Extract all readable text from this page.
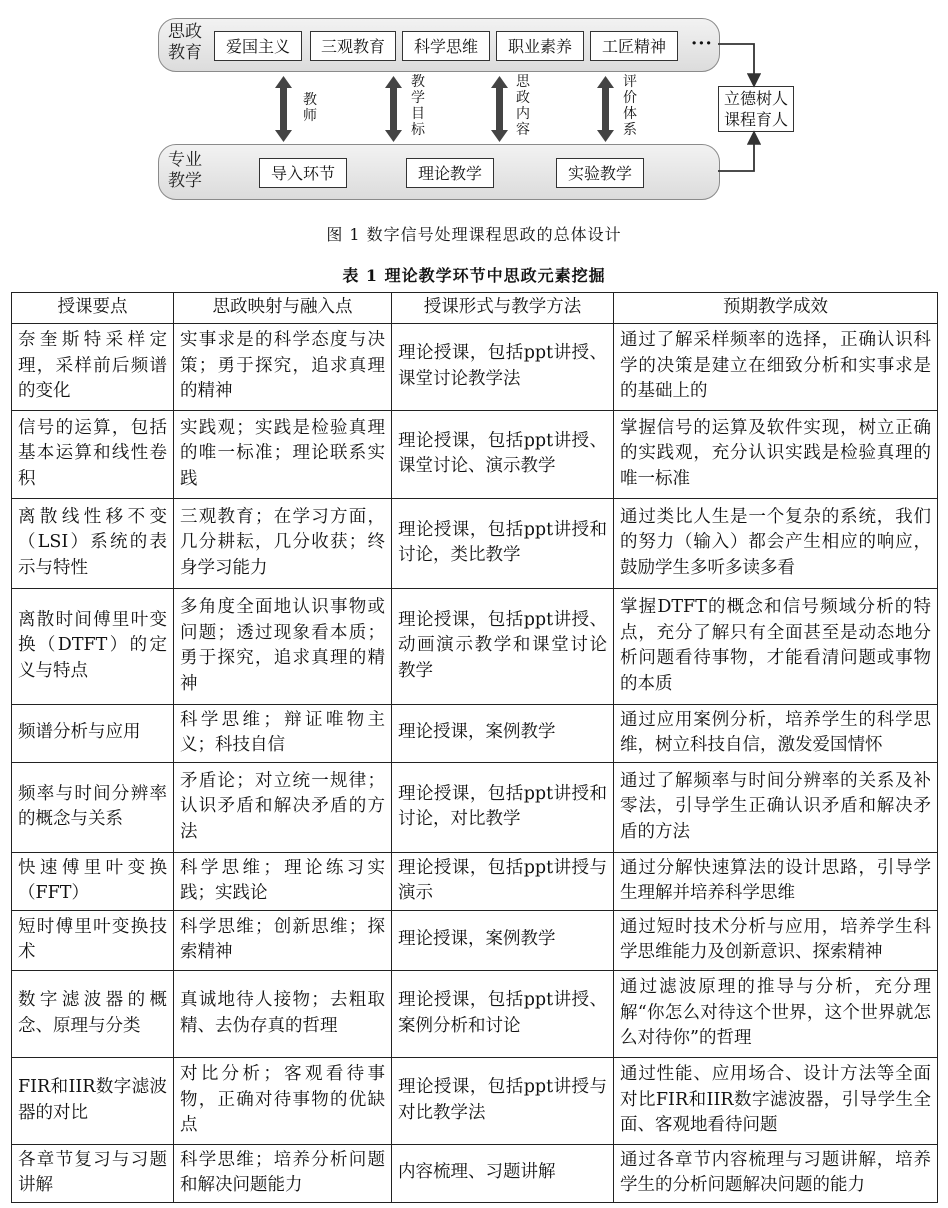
思政
教育
专业
教学
爱国主义	三观教育	科学思维	职业素养	工匠精神	···
导入环节	理论教学	实验教学
教师
教学目标
思政内容
评价体系
立德树人
课程育人
图 1 数字信号处理课程思政的总体设计
表 1 理论教学环节中思政元素挖掘
授课要点	思政映射与融入点	授课形式与教学方法	预期教学成效
奈奎斯特采样定理，采样前后频谱的变化	实事求是的科学态度与决策；勇于探究，追求真理的精神	理论授课，包括ppt讲授、课堂讨论教学法	通过了解采样频率的选择，正确认识科学的决策是建立在细致分析和实事求是的基础上的
信号的运算，包括基本运算和线性卷积	实践观；实践是检验真理的唯一标准；理论联系实践	理论授课，包括ppt讲授、课堂讨论、演示教学	掌握信号的运算及软件实现，树立正确的实践观，充分认识实践是检验真理的唯一标准
离散线性移不变（LSI）系统的表示与特性	三观教育；在学习方面，几分耕耘，几分收获；终身学习能力	理论授课，包括ppt讲授和讨论，类比教学	通过类比人生是一个复杂的系统，我们的努力（输入）都会产生相应的响应，鼓励学生多听多读多看
离散时间傅里叶变换（DTFT）的定义与特点	多角度全面地认识事物或问题；透过现象看本质；勇于探究，追求真理的精神	理论授课，包括ppt讲授、动画演示教学和课堂讨论教学	掌握DTFT的概念和信号频域分析的特点，充分了解只有全面甚至是动态地分析问题看待事物，才能看清问题或事物的本质
频谱分析与应用	科学思维；辩证唯物主义；科技自信	理论授课，案例教学	通过应用案例分析，培养学生的科学思维，树立科技自信，激发爱国情怀
频率与时间分辨率的概念与关系	矛盾论；对立统一规律；认识矛盾和解决矛盾的方法	理论授课，包括ppt讲授和讨论，对比教学	通过了解频率与时间分辨率的关系及补零法，引导学生正确认识矛盾和解决矛盾的方法
快速傅里叶变换（FFT）	科学思维；理论练习实践；实践论	理论授课，包括ppt讲授与演示	通过分解快速算法的设计思路，引导学生理解并培养科学思维
短时傅里叶变换技术	科学思维；创新思维；探索精神	理论授课，案例教学	通过短时技术分析与应用，培养学生科学思维能力及创新意识、探索精神
数字滤波器的概念、原理与分类	真诚地待人接物；去粗取精、去伪存真的哲理	理论授课，包括ppt讲授、案例分析和讨论	通过滤波原理的推导与分析，充分理解“你怎么对待这个世界，这个世界就怎么对待你”的哲理
FIR和IIR数字滤波器的对比	对比分析；客观看待事物，正确对待事物的优缺点	理论授课，包括ppt讲授与对比教学法	通过性能、应用场合、设计方法等全面对比FIR和IIR数字滤波器，引导学生全面、客观地看待问题
各章节复习与习题讲解	科学思维；培养分析问题和解决问题能力	内容梳理、习题讲解	通过各章节内容梳理与习题讲解，培养学生的分析问题解决问题的能力
